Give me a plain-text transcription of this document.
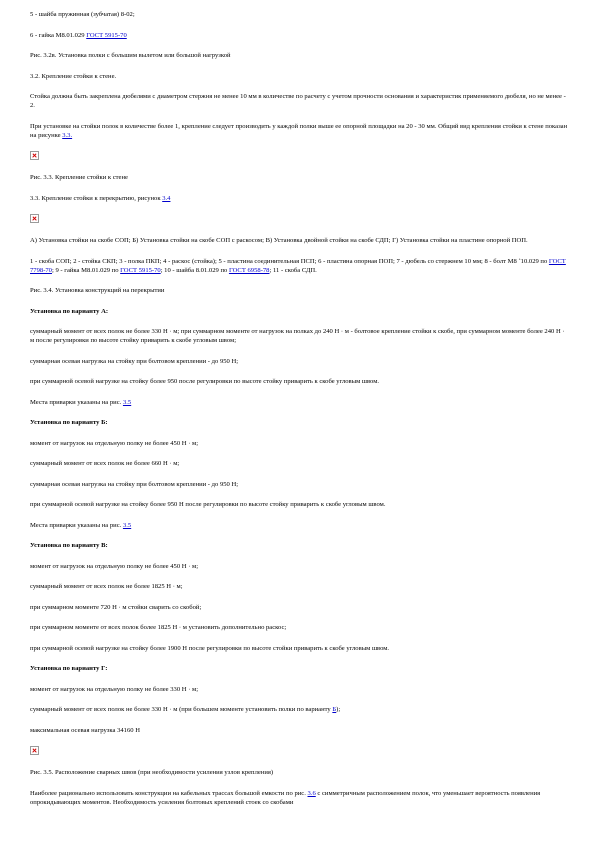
5 - шайба пружинная (зубчатая) 8-02;
6 - гайка М8.01.029 ГОСТ 5915-70
Рис. 3.2в. Установка полки с большим вылетом или большой нагрузкой
3.2. Крепление стойки к стене.
Стойка должна быть закреплена дюбелями с диаметром стержня не менее 10 мм в количестве по расчету с учетом прочности основания и характеристик применяемого дюбеля, но не менее - 2.
При установке на стойки полок в количестве более 1, крепление следует производить у каждой полки выше ее опорной площадки на 20 - 30 мм. Общий вид крепления стойки к стене показан на рисунке 3.3.
Рис. 3.3. Крепление стойки к стене
3.3. Крепление стойки к перекрытию, рисунок 3.4
А) Установка стойки на скобе СОП; Б) Установка стойки на скобе СОП с раскосом; В) Установка двойной стойки на скобе СДП; Г) Установка стойки на пластине опорной ПОП.
1 - скоба СОП; 2 - стойка СКП; 3 - полка ПКП; 4 - раскос (стойка); 5 - пластина соединительная ПСП; 6 - пластина опорная ПОП; 7 - дюбель со стержнем 10 мм; 8 - болт М8 ˚10.029 по ГОСТ 7798-70; 9 - гайка М8.01.029 по ГОСТ 5915-70; 10 - шайба 8.01.029 по ГОСТ 6958-78; 11 - скоба СДП.
Рис. 3.4. Установка конструкций на перекрытии
Установка по варианту А:
суммарный момент от всех полок не более 330 Н · м; при суммарном моменте от нагрузок на полках до 240 Н · м - болтовое крепление стойки к скобе, при суммарном моменте более 240 Н · м после регулировки по высоте стойку приварить к скобе угловым швом;
суммарная осевая нагрузка на стойку при болтовом креплении - до 950 Н;
при суммарной осевой нагрузке на стойку более 950 после регулировки по высоте стойку приварить к скобе угловым швом.
Места приварки указаны на рис. 3.5
Установка по варианту Б:
момент от нагрузок на отдельную полку не более 450 Н · м;
суммарный момент от всех полок не более 660 Н · м;
суммарная осевая нагрузка на стойку при болтовом креплении - до 950 Н;
при суммарной осевой нагрузке на стойку более 950 Н после регулировки по высоте стойку приварить к скобе угловым швом.
Места приварки указаны на рис. 3.5
Установка по варианту В:
момент от нагрузок на отдельную полку не более 450 Н · м;
суммарный момент от всех полок не более 1825 Н · м;
при суммарном моменте 720 Н · м стойки сварить со скобой;
при суммарном моменте от всех полок более 1825 Н · м установить дополнительно раскос;
при суммарной осевой нагрузке на стойку более 1900 Н после регулировки по высоте стойки приварить к скобе угловым швом.
Установка по варианту Г:
момент от нагрузок на отдельную полку не более 330 Н · м;
суммарный момент от всех полок не более 330 Н · м (при большем моменте установить полки по варианту Б);
максимальная осевая нагрузка 34160 Н
Рис. 3.5. Расположение сварных швов (при необходимости усиления узлов крепления)
Наиболее рационально использовать конструкции на кабельных трассах большой емкости по рис. 3.6 с симметричным расположением полок, что уменьшает вероятность появления опрокидывающих моментов. Необходимость усиления болтовых креплений стоек со скобами
